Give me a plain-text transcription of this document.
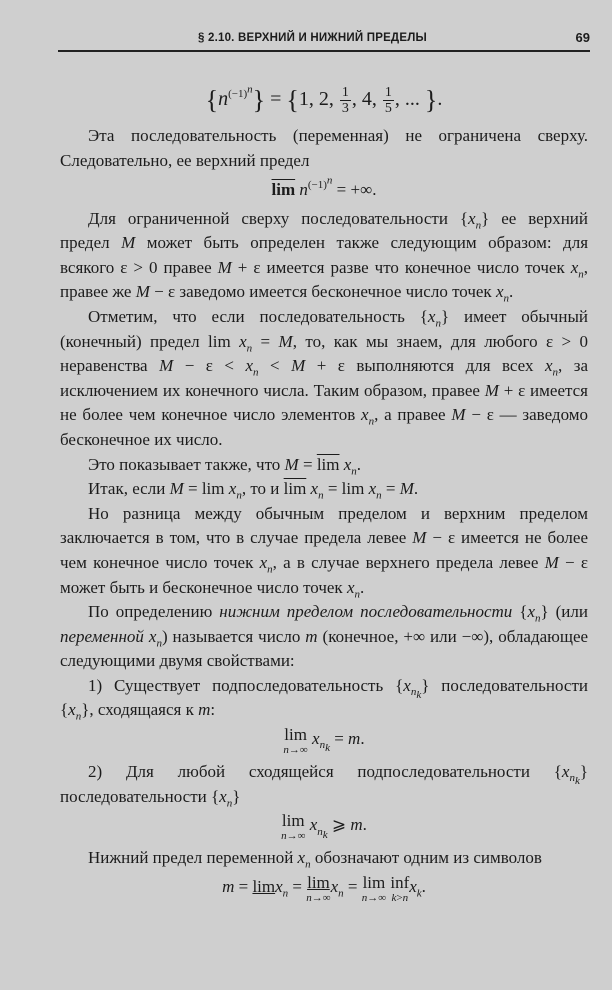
§ 2.10. ВЕРХНИЙ И НИЖНИЙ ПРЕДЕЛЫ	69
$\{n^{(-1)^n}\} = \{1$, 2, $\frac{1}{3}$ , 4, $\frac{1}{5}$ , ... }.

Эта последовательность (переменная) не ограничена сверху. Следовательно, ее верхний предел

$\overline{lim}$ $n^{(-1)^n}$ = +∞.

Для ограниченной сверху последовательности $\{x_n\}$ ее верхний предел M может быть определен также следующим образом: для всякого ε > 0 правее M + ε имеется разве что конечное число точек $x_n$, правее же M − ε заведомо имеется бесконечное число точек $x_n$.

Отметим, что если последовательность $\{x_n\}$ имеет обычный (конечный) предел $\lim x_n = M$, то, как мы знаем, для любого ε > 0 неравенства $M - \varepsilon < x_n < M + \varepsilon$ выполняются для всех $x_n$, за исключением их конечного числа. Таким образом, правее M + ε имеется не более чем конечное число элементов $x_n$, а правее M − ε — заведомо бесконечное их число.

Это показывает также, что $M = \overline{lim}$ $x_n$.

Итак, если $M = \lim x_n$, то и $\overline{lim}$ $x_n = \lim x_n = M$.

Но разница между обычным пределом и верхним пределом заключается в том, что в случае предела левее M − ε имеется не более чем конечное число точек $x_n$, а в случае верхнего предела левее M − ε может быть и бесконечное число точек $x_n$.

По определению нижним пределом последовательности $\{x_n\}$ (или переменной $x_n$) называется число m (конечное, +∞ или −∞), обладающее следующими двумя свойствами:

1) Существует подпоследовательность $\{x_{n_k}\}$ последовательности $\{x_n\}$, сходящаяся к m:

lim
n→∞
$x_{n_k} = m$.

2) Для любой сходящейся подпоследовательности $\{x_{n_k}\}$ последовательности $\{x_n\}$

lim
n→∞
$x_{n_k}$ ⩾ m.

Нижний предел переменной $x_n$ обозначают одним из символов

m = limx$_n$ = lim
n→∞
$x_n = \lim$
n→∞
inf
k>n
$x_k$.
